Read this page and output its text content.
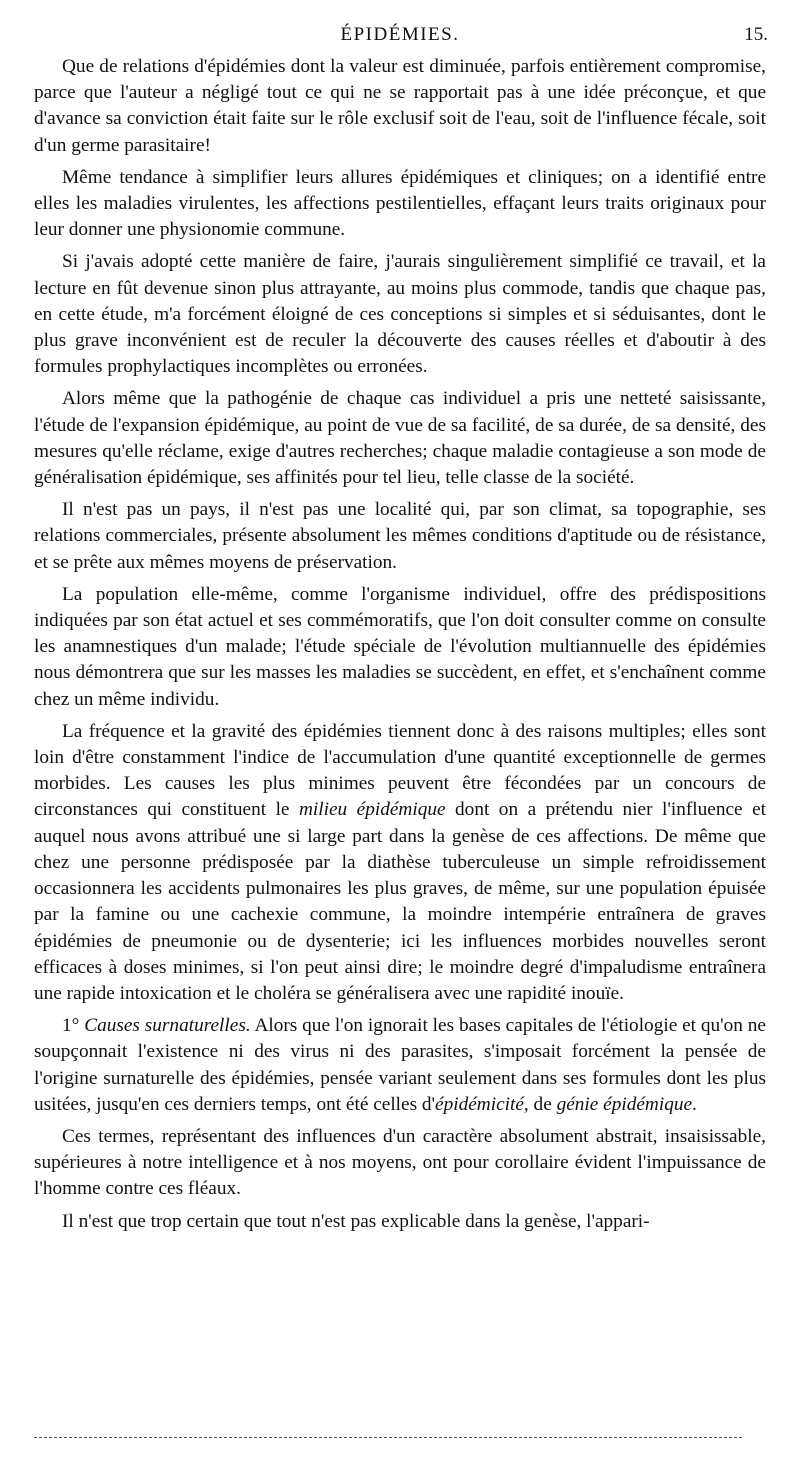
ÉPIDÉMIES.	15.

Que de relations d'épidémies dont la valeur est diminuée, parfois entièrement compromise, parce que l'auteur a négligé tout ce qui ne se rapportait pas à une idée préconçue, et que d'avance sa conviction était faite sur le rôle exclusif soit de l'eau, soit de l'influence fécale, soit d'un germe parasitaire!

Même tendance à simplifier leurs allures épidémiques et cliniques; on a identifié entre elles les maladies virulentes, les affections pestilentielles, effaçant leurs traits originaux pour leur donner une physionomie commune.

Si j'avais adopté cette manière de faire, j'aurais singulièrement simplifié ce travail, et la lecture en fût devenue sinon plus attrayante, au moins plus commode, tandis que chaque pas, en cette étude, m'a forcément éloigné de ces conceptions si simples et si séduisantes, dont le plus grave inconvénient est de reculer la découverte des causes réelles et d'aboutir à des formules prophylactiques incomplètes ou erronées.

Alors même que la pathogénie de chaque cas individuel a pris une netteté saisissante, l'étude de l'expansion épidémique, au point de vue de sa facilité, de sa durée, de sa densité, des mesures qu'elle réclame, exige d'autres recherches; chaque maladie contagieuse a son mode de généralisation épidémique, ses affinités pour tel lieu, telle classe de la société.

Il n'est pas un pays, il n'est pas une localité qui, par son climat, sa topographie, ses relations commerciales, présente absolument les mêmes conditions d'aptitude ou de résistance, et se prête aux mêmes moyens de préservation.

La population elle-même, comme l'organisme individuel, offre des prédispositions indiquées par son état actuel et ses commémoratifs, que l'on doit consulter comme on consulte les anamnestiques d'un malade; l'étude spéciale de l'évolution multiannuelle des épidémies nous démontrera que sur les masses les maladies se succèdent, en effet, et s'enchaînent comme chez un même individu.

La fréquence et la gravité des épidémies tiennent donc à des raisons multiples; elles sont loin d'être constamment l'indice de l'accumulation d'une quantité exceptionnelle de germes morbides. Les causes les plus minimes peuvent être fécondées par un concours de circonstances qui constituent le milieu épidémique dont on a prétendu nier l'influence et auquel nous avons attribué une si large part dans la genèse de ces affections. De même que chez une personne prédisposée par la diathèse tuberculeuse un simple refroidissement occasionnera les accidents pulmonaires les plus graves, de même, sur une population épuisée par la famine ou une cachexie commune, la moindre intempérie entraînera de graves épidémies de pneumonie ou de dysenterie; ici les influences morbides nouvelles seront efficaces à doses minimes, si l'on peut ainsi dire; le moindre degré d'impaludisme entraînera une rapide intoxication et le choléra se généralisera avec une rapidité inouïe.

1° Causes surnaturelles. Alors que l'on ignorait les bases capitales de l'étiologie et qu'on ne soupçonnait l'existence ni des virus ni des parasites, s'imposait forcément la pensée de l'origine surnaturelle des épidémies, pensée variant seulement dans ses formules dont les plus usitées, jusqu'en ces derniers temps, ont été celles d'épidémicité, de génie épidémique.

Ces termes, représentant des influences d'un caractère absolument abstrait, insaisissable, supérieures à notre intelligence et à nos moyens, ont pour corollaire évident l'impuissance de l'homme contre ces fléaux.

Il n'est que trop certain que tout n'est pas explicable dans la genèse, l'appari-
